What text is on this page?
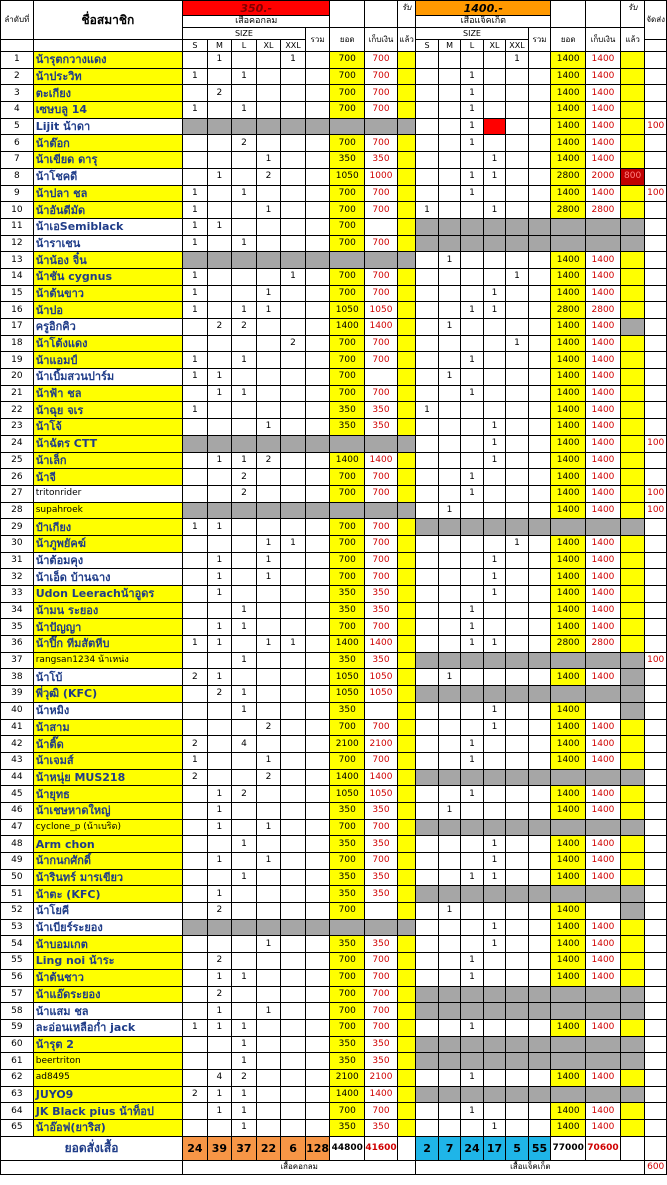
ลำดับที่	ชื่อสมาชิก	350.-								รับ	1400.-								รับ	จัดส่ง
		เสื้อคอกลม									เสื้อแจ็คเก็ต									
		SIZE					รวม	ยอด	เก็บเงิน	แล้ว	SIZE					รวม	ยอด	เก็บเงิน	แล้ว	
		S	M	L	XL	XXL					S	M	L	XL	XXL					
1	น้ารุตกวางแดง		1			1		700	700						1		1400	1400		
2	น้าประวิท	1		1				700	700				1				1400	1400		
3	ตะเกียง		2					700	700				1				1400	1400		
4	เซษบลู 14	1		1				700	700				1				1400	1400		
5	Lijit น้าดา												1				1400	1400		100
6	น้าต๊อก			2				700	700				1				1400	1400		
7	น้าเขียด ดารุ				1			350	350					1			1400	1400		
8	น้าโชคดี		1		2			1050	1000				1	1			2800	2000	800	
9	น้าปลา ชล	1		1				700	700				1				1400	1400		100
10	น้าอันดีมัด	1			1			700	700		1			1			2800	2800		
11	น้าเอSemiblack	1	1					700												
12	น้าราเชน	1		1				700	700											
13	น้าน้อง จิ๋น											1					1400	1400		
14	น้าชัน cygnus	1				1		700	700						1		1400	1400		
15	น้าต้นขาว	1			1			700	700					1			1400	1400		
16	น้าปอ	1		1	1			1050	1050				1	1			2800	2800		
17	ครูอิกคิว		2	2				1400	1400			1					1400	1400		
18	น้าโต้งแดง					2		700	700						1		1400	1400		
19	น้าแอมป์	1		1				700	700				1				1400	1400		
20	น้าเบิ้มสวนปาร์ม	1	1					700				1					1400	1400		
21	น้าฟ้า ชล		1	1				700	700				1				1400	1400		
22	น้าฉุย จเร	1						350	350		1						1400	1400		
23	น้าโจ้				1			350	350					1			1400	1400		
24	น้าฉัตร CTT													1			1400	1400		100
25	น้าเล็ก		1	1	2			1400	1400					1			1400	1400		
26	น้าจี			2				700	700				1				1400	1400		
27	tritonrider			2				700	700				1				1400	1400		100
28	supahroek											1					1400	1400		100
29	ป๋าเกียง	1	1					700	700											
30	น้าภูพยัคฆ์				1	1		700	700						1		1400	1400		
31	น้าต้อมคุง		1		1			700	700					1			1400	1400		
32	น้าเอ็ด บ้านฉาง		1		1			700	700					1			1400	1400		
33	Udon Leerachน้าอูดร		1					350	350					1			1400	1400		
34	น้ามน ระยอง			1				350	350				1				1400	1400		
35	น้าปัญญา		1	1				700	700				1				1400	1400		
36	น้าปิ๊ก ทีมสัตหีบ	1	1		1	1		1400	1400				1	1			2800	2800		
37	rangsan1234 น้าเหน่ง			1				350	350											100
38	น้าโบ้	2	1					1050	1050			1					1400	1400		
39	พี่วุฒิ (KFC)		2	1				1050	1050											
40	น้าหมิง			1				350						1			1400			
41	น้าสาม				2			700	700					1			1400	1400		
42	น้าติ๊ด	2		4				2100	2100				1				1400	1400		
43	น้าเจมส์	1			1			700	700				1				1400	1400		
44	น้าหนุ่ย MUS218	2			2			1400	1400											
45	น้ายุทธ		1	2				1050	1050				1				1400	1400		
46	น้าเชษหาดใหญ่		1					350	350			1					1400	1400		
47	cyclone_p (น้าเบริด)		1		1			700	700											
48	Arm chon			1				350	350					1			1400	1400		
49	น้ากนกศักดิ์		1		1			700	700					1			1400	1400		
50	น้ารินทร์ มารเขียว			1				350	350				1	1			1400	1400		
51	น้าตะ (KFC)		1					350	350											
52	น้าโยคี		2					700				1					1400			
53	น้าเบียร์ระยอง													1			1400	1400		
54	น้าบอมเกต				1			350	350					1			1400	1400		
55	Ling noi น้าระ		2					700	700				1				1400	1400		
56	น้าต้นชาว		1	1				700	700				1				1400	1400		
57	น้าแอ๊ดระยอง		2					700	700											
58	น้าแสม ชล		1		1			700	700											
59	ละอ่อนเหลือก่ำ jack	1	1	1				700	700				1				1400	1400		
60	น้ารุต 2			1				350	350											
61	beertriton			1				350	350											
62	ad8495		4	2				2100	2100				1				1400	1400		
63	JUYO9	2	1	1				1400	1400											
64	JK Black pius น้าท็อป		1	1				700	700				1				1400	1400		
65	น้าอ๊อฟ(ยาริส)			1				350	350					1			1400	1400		
ยอดสั่งเสื้อ		24	39	37	22	6	128	44800	41600		2	7	24	17	5	55	77000	70600		
		เสื้อคอกลม									เสื้อแจ็คเก็ต									600
